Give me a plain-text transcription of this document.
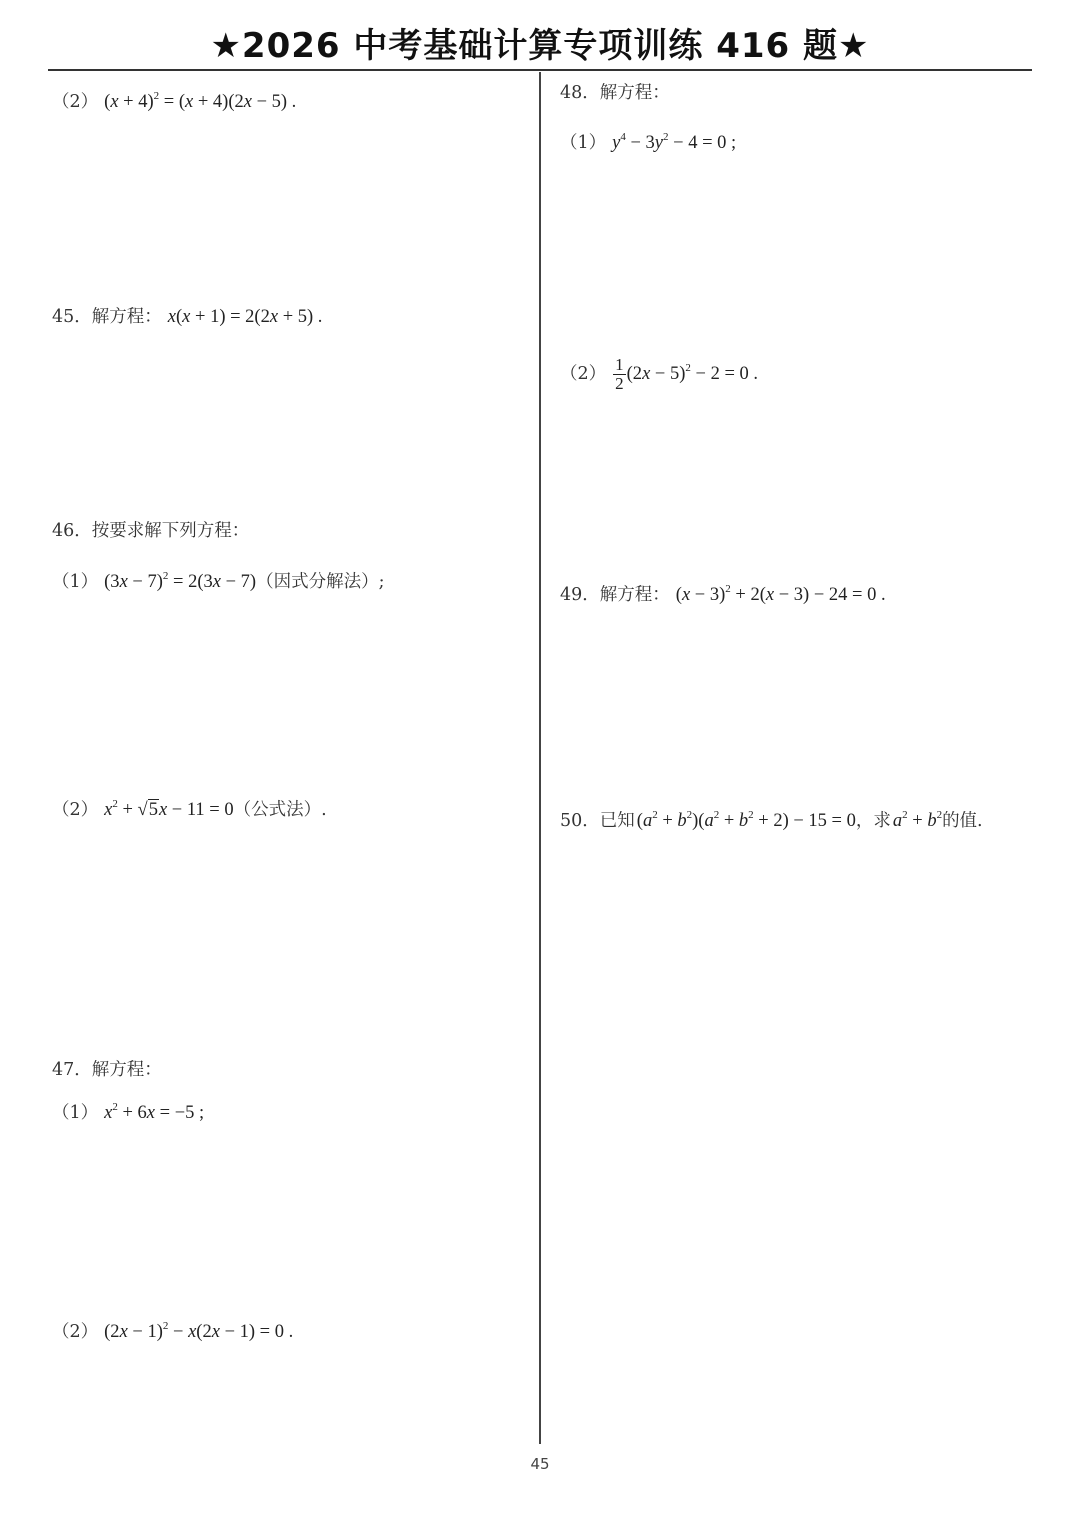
★2026 中考基础计算专项训练 416 题★
（2） $(x + 4)^2 = (x + 4)(2x - 5)$ .
45．解方程： x(x + 1) = 2(2x + 5) .
46．按要求解下列方程：
（1） $(3x - 7)^2 = 2(3x - 7)$（因式分解法）;
（2） $x^2 + √5x - 11 = 0$（公式法）.
47．解方程：
（1） $x^2 + 6x = -5$ ;
（2） $(2x - 1)^2 - x(2x - 1) = 0$ .
48．解方程：
（1） $y^4 - 3y^2 - 4 = 0$ ;
$(2) \frac{1}{2} (2x - 5)^2 - 2 = 0$ .
49．解方程： $(x - 3)^2 + 2(x - 3) - 24 = 0$ .
50．已知 $(a^2 + b^2)(a^2 + b^2 + 2) - 15 = 0$，求 $a^2 + b^2$的值.
45
